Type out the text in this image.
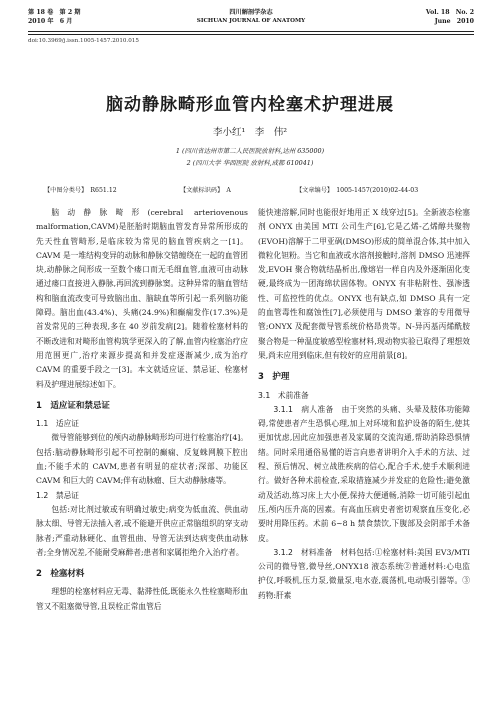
第 18 卷　第 2 期
2010 年　6 月
四川解剖学杂志
SICHUAN JOURNAL OF ANATOMY
Vol. 18　No. 2
June　2010
doi:10.3969/j.issn.1005-1457.2010.015
脑动静脉畸形血管内栓塞术护理进展
李小红¹　李　伟²
1 (四川省达州市第二人民医院放射科,达州 635000)
2 (四川大学 华西医院 放射科,成都 610041)
【中图分类号】　R651.12	【文献标识码】　A	【文章编号】　1005-1457(2010)02-44-03

脑动静脉畸形(cerebral arteriovenous malformation,CAVM)是胚胎时期脑血管发育异常所形成的先天性血管畸形,是临床较为常见的脑血管疾病之一[1]。CAVM 是一堆结构变异的动脉和静脉交错缠绕在一起的血管团块,动静脉之间形成一至数个瘘口而无毛细血管,血液可由动脉通过瘘口直接进入静脉,再回流到静脉窦。这种异常的脑血管结构和脑血流改变可导致脑出血、脑缺血等所引起一系列脑功能障碍。脑出血(43.4%)、头痛(24.9%)和癫痫发作(17.3%)是首发常见的三种表现,多在 40 岁前发病[2]。随着栓塞材料的不断改进和对畸形血管构筑学更深入的了解,血管内栓塞治疗应用范围更广,治疗来源步提高和并发症逐渐减少,成为治疗 CAVM 的重要手段之一[3]。本文就适应证、禁忌证、栓塞材料及护理进展综述如下。

1　适应证和禁忌证
1.1　适应证

微导管能够到位的颅内动静脉畸形均可进行栓塞治疗[4]。包括:脑动静脉畸形引起不可控制的癫痫、反复蛛网膜下腔出血;不能手术的 CAVM,患者有明显的症状者;深部、功能区 CAVM 和巨大的 CAVM;伴有动脉瘤、巨大动静脉瘘等。

1.2　禁忌证

包括:对比剂过敏或有明确过敏史;病变为低血流、供血动脉太细、导管无法插入者,或不能避开供应正常脑组织的穿支动脉者;严重动脉硬化、血管扭曲、导管无法到达病变供血动脉者;全身情况差,不能耐受麻醉者;患者和家属拒绝介入治疗者。

2　栓塞材料

理想的栓塞材料应无毒、黏滞性低,既能永久性栓塞畸形血管又不阻塞微导管,且误栓正常血管后

能快速溶解,同时也能很好地用正 X 线穿过[5]。全新液态栓塞剂 ONYX 由美国 MTI 公司生产[6],它是乙烯-乙烯醇共聚物(EVOH)溶解于二甲亚砜(DMSO)形成的简单混合体,其中加入微粒化钽粉。当它和血液或水溶剂接触时,溶剂 DMSO 迅速挥发,EVOH 聚合物就结晶析出,像熔岩一样自内及外逐渐固化变硬,最终成为一团海绵状固体物。ONYX 有非粘附性、强渗透性、可监控性的优点。ONYX 也有缺点,如 DMSO 具有一定的血管毒性和腐蚀性[7],必须使用与 DMSO 兼容的专用微导管;ONYX 及配套微导管系统价格昂贵等。N-异丙基丙烯酰胺聚合物是一种温度敏感型栓塞材料,现动物实验已取得了理想效果,尚未应用到临床,但有较好的应用前景[8]。

3　护理
3.1　术前准备

3.1.1　病人准备　 由于突然的头痛、头晕及肢体功能障碍,常使患者产生恐惧心理,加上对环境和监护设备的陌生,使其更加忧虑,因此应加强患者及家属的交流沟通,帮助消除恐惧情绪。同时采用通俗易懂的语言向患者讲明介入手术的方法、过程、预后情况、树立战胜疾病的信心,配合手术,使手术顺利进行。做好各种术前检查,采取措施减少并发症的危险性;避免激动及活动,练习床上大小便,保持大便通畅,消除一切可能引起血压,颅内压升高的因素。有高血压病史者密切观察血压变化,必要时用降压药。术前 6~8 h 禁食禁饮,下腹部及会阴部手术备皮。

3.1.2　材料准备　 材料包括:①栓塞材料:美国 EV3/MTI 公司的微导管,微导丝,ONYX18 液态系统②普通材料:心电监护仪,呼吸机,压力泵,微量泵,电水壶,震荡机,电动吸引器等。③药物:肝素
